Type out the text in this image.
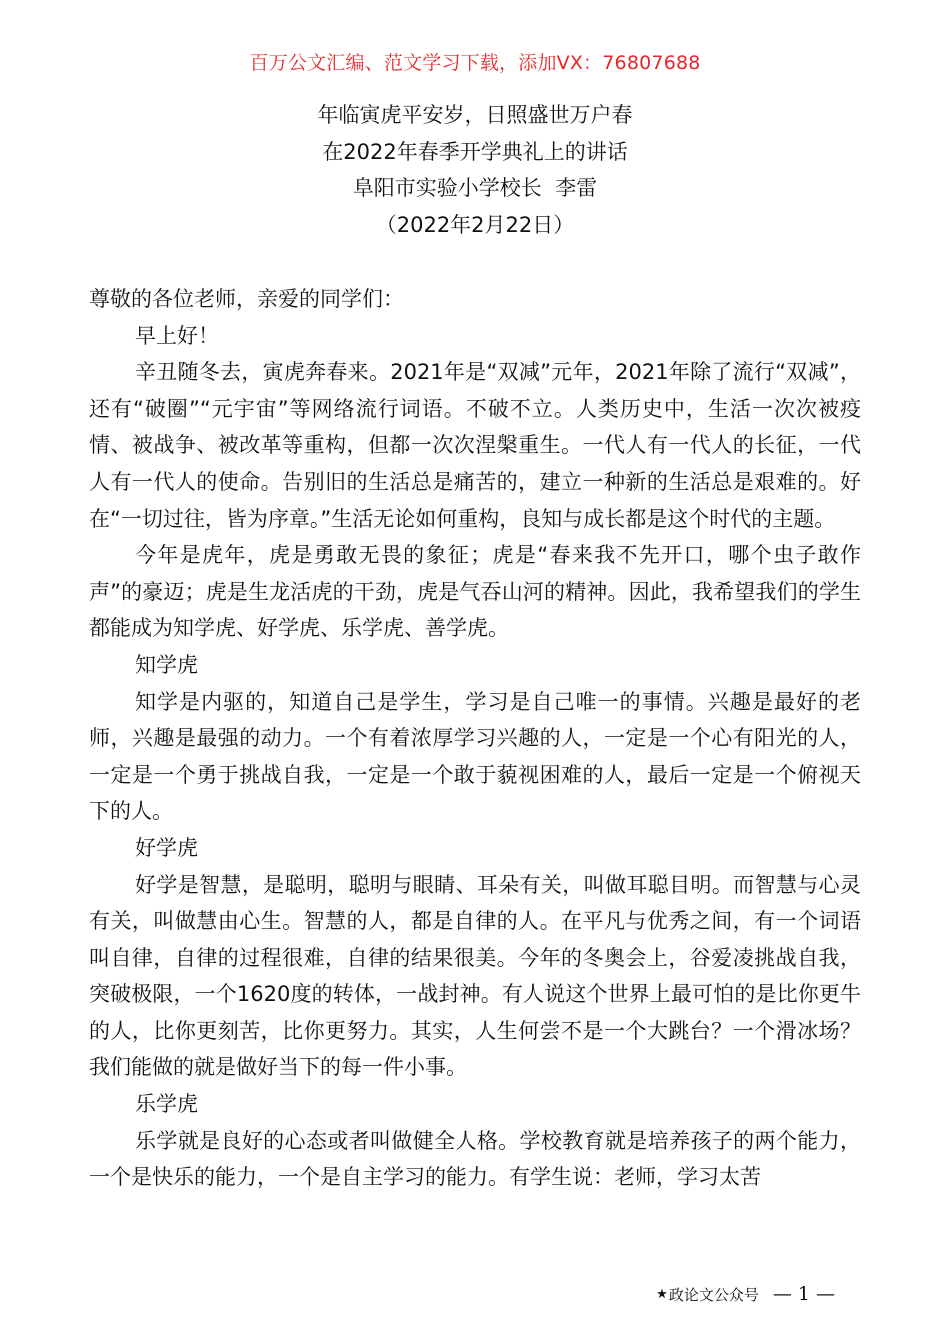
百万公文汇编、范文学习下载，添加VX：76807688
年临寅虎平安岁，日照盛世万户春
在2022年春季开学典礼上的讲话
阜阳市实验小学校长  李雷
（2022年2月22日）

尊敬的各位老师，亲爱的同学们：

早上好！

辛丑随冬去，寅虎奔春来。2021年是“双减”元年，2021年除了流行“双减”，还有“破圈”“元宇宙”等网络流行词语。不破不立。人类历史中，生活一次次被疫情、被战争、被改革等重构，但都一次次涅槃重生。一代人有一代人的长征，一代人有一代人的使命。告别旧的生活总是痛苦的，建立一种新的生活总是艰难的。好在“一切过往，皆为序章。”生活无论如何重构，良知与成长都是这个时代的主题。

今年是虎年，虎是勇敢无畏的象征；虎是“春来我不先开口，哪个虫子敢作声”的豪迈；虎是生龙活虎的干劲，虎是气吞山河的精神。因此，我希望我们的学生都能成为知学虎、好学虎、乐学虎、善学虎。

知学虎

知学是内驱的，知道自己是学生，学习是自己唯一的事情。兴趣是最好的老师，兴趣是最强的动力。一个有着浓厚学习兴趣的人，一定是一个心有阳光的人，一定是一个勇于挑战自我，一定是一个敢于藐视困难的人，最后一定是一个俯视天下的人。

好学虎

好学是智慧，是聪明，聪明与眼睛、耳朵有关，叫做耳聪目明。而智慧与心灵有关，叫做慧由心生。智慧的人，都是自律的人。在平凡与优秀之间，有一个词语叫自律，自律的过程很难，自律的结果很美。今年的冬奥会上，谷爱凌挑战自我，突破极限，一个1620度的转体，一战封神。有人说这个世界上最可怕的是比你更牛的人，比你更刻苦，比你更努力。其实，人生何尝不是一个大跳台？一个滑冰场？我们能做的就是做好当下的每一件小事。

乐学虎

乐学就是良好的心态或者叫做健全人格。学校教育就是培养孩子的两个能力，一个是快乐的能力，一个是自主学习的能力。有学生说：老师，学习太苦

★ 政论文公众号 — 1 —
